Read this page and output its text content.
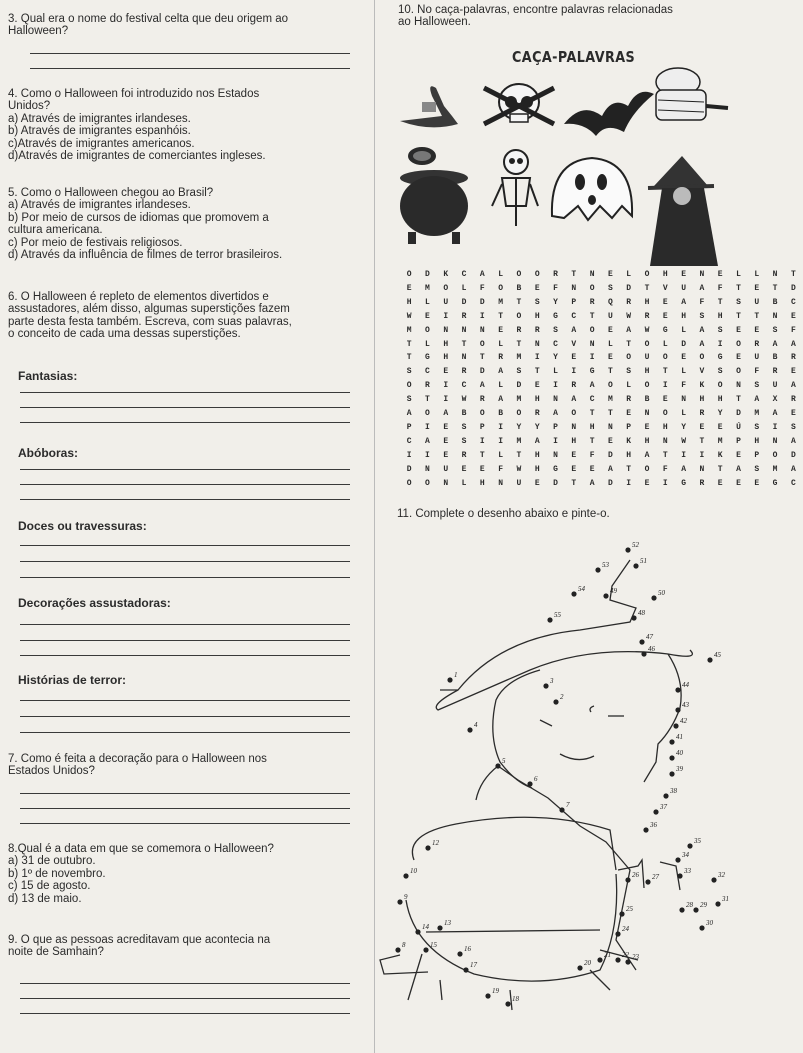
3. Qual era o nome do festival celta que deu origem ao
Halloween?
4. Como o Halloween foi introduzido nos Estados
Unidos?
a) Através de imigrantes irlandeses.
b) Através de imigrantes espanhóis.
c)Através de imigrantes americanos.
d)Através de imigrantes de comerciantes ingleses.
5. Como o Halloween chegou ao Brasil?
a) Através de imigrantes irlandeses.
b) Por meio de cursos de idiomas que promovem a
cultura americana.
c) Por meio de festivais religiosos.
d) Através da influência de filmes de terror brasileiros.
6. O Halloween é repleto de elementos divertidos e
assustadores, além disso, algumas superstições fazem
parte desta festa também. Escreva, com suas palavras,
o conceito de cada uma dessas superstições.
Fantasias:
Abóboras:
Doces ou travessuras:
Decorações assustadoras:
Histórias de terror:
7. Como é feita a decoração para o Halloween nos
Estados Unidos?
8.Qual é a data em que se comemora o Halloween?
a) 31 de outubro.
b) 1º de novembro.
c) 15 de agosto.
d) 13 de maio.
9. O que as pessoas acreditavam que acontecia na
noite de Samhain?
10. No caça-palavras, encontre palavras relacionadas
ao Halloween.
CAÇA-PALAVRAS
O	D	K	C	A	L	O	O	R	T	N	E	L	O	H	E	N	E	L	L	N	T
E	M	O	L	F	O	B	E	F	N	O	S	D	T	V	U	A	F	T	E	T	D
H	L	U	D	D	M	T	S	Y	P	R	Q	R	H	E	A	F	T	S	U	B	C
W	E	I	R	I	T	O	H	G	C	T	U	W	R	E	H	S	H	T	T	N	E
M	O	N	N	N	E	R	R	S	A	O	E	A	W	G	L	A	S	E	E	S	F
T	L	H	T	O	L	T	N	C	V	N	L	T	O	L	D	A	I	O	R	A	A
T	G	H	N	T	R	M	I	Y	E	I	E	O	U	O	E	O	G	E	U	B	R
S	C	E	R	D	A	S	T	L	I	G	T	S	H	T	L	V	S	O	F	R	E
O	R	I	C	A	L	D	E	I	R	A	O	L	O	I	F	K	O	N	S	U	A
S	T	I	W	R	A	M	H	N	A	C	M	R	B	E	N	H	H	T	A	X	R
A	O	A	B	O	B	O	R	A	O	T	T	E	N	O	L	R	Y	D	M	A	E
P	I	E	S	P	I	Y	Y	P	N	H	N	P	E	H	Y	E	E	Ú	S	I	S
C	A	E	S	I	I	M	A	I	H	T	E	K	H	N	W	T	M	P	H	N	A
I	I	E	R	T	L	T	H	N	E	F	D	H	A	T	I	I	K	E	P	O	D
D	N	U	E	E	F	W	H	G	E	E	A	T	O	F	A	N	T	A	S	M	A
O	O	N	L	H	N	U	E	D	T	A	D	I	E	I	G	R	E	E	E	G	C
11. Complete o desenho abaixo e pinte-o.
52
53	51
54	49	50
55	48
47
46
45
44
43
42
41
40
39
38
37
36
35
34
33	32
31
30
29
28
27
26
25
24
23
22
21
20
19
18
17
16
15
14 13
12
10
9
8
7
6
5
4
3
2
1
